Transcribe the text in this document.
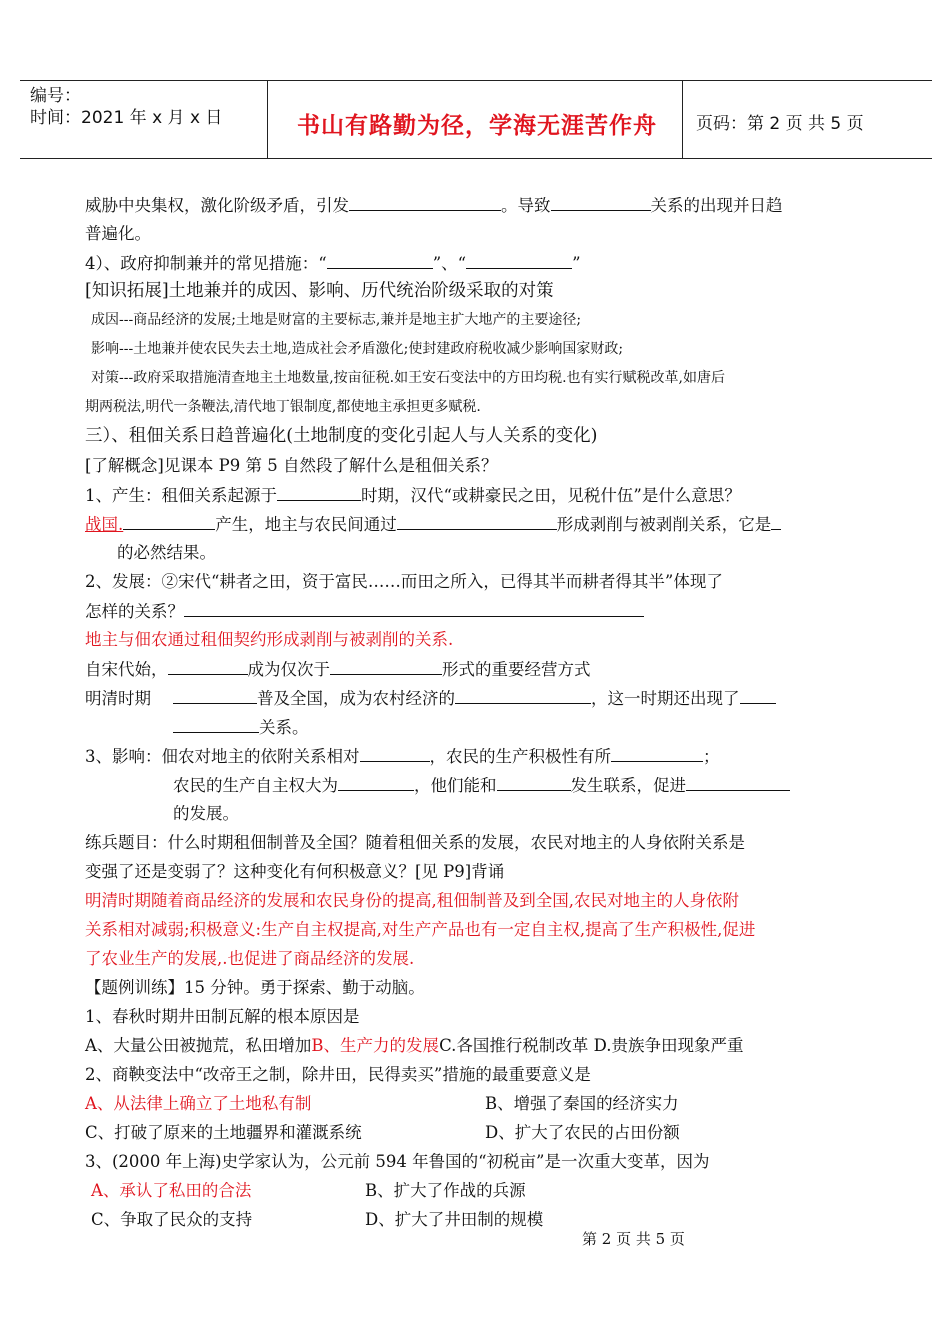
编号：
时间：2021 年 x 月 x 日	书山有路勤为径，学海无涯苦作舟	页码：第 2 页 共 5 页
威胁中央集权，激化阶级矛盾，引发	。导致	关系的出现并日趋
普遍化。
4）、政府抑制兼并的常见措施：“	”、“	”
[知识拓展]土地兼并的成因、影响、历代统治阶级采取的对策
成因---商品经济的发展;土地是财富的主要标志,兼并是地主扩大地产的主要途径;
影响---土地兼并使农民失去土地,造成社会矛盾激化;使封建政府税收减少影响国家财政;
对策---政府采取措施清查地主土地数量,按亩征税.如王安石变法中的方田均税.也有实行赋税改革,如唐后
期两税法,明代一条鞭法,清代地丁银制度,都使地主承担更多赋税.
三）、租佃关系日趋普遍化(土地制度的变化引起人与人关系的变化)
[了解概念]见课本 P9 第 5 自然段了解什么是租佃关系？
1、产生：租佃关系起源于	时期，汉代“或耕豪民之田，见税什伍”是什么意思？
战国.	产生，地主与农民间通过	形成剥削与被剥削关系，它是
的必然结果。
2、发展：②宋代“耕者之田，资于富民……而田之所入，已得其半而耕者得其半”体现了
怎样的关系？
地主与佃农通过租佃契约形成剥削与被剥削的关系.
自宋代始，	成为仅次于	形式的重要经营方式
明清时期	普及全国，成为农村经济的	，这一时期还出现了
关系。
3、影响：佃农对地主的依附关系相对	，农民的生产积极性有所	；
农民的生产自主权大为	，他们能和	发生联系，促进
的发展。
练兵题目：什么时期租佃制普及全国？随着租佃关系的发展，农民对地主的人身依附关系是
变强了还是变弱了？这种变化有何积极意义？[见 P9]背诵
明清时期随着商品经济的发展和农民身份的提高,租佃制普及到全国,农民对地主的人身依附
关系相对减弱;积极意义:生产自主权提高,对生产产品也有一定自主权,提高了生产积极性,促进
了农业生产的发展,.也促进了商品经济的发展.
【题例训练】15 分钟。勇于探索、勤于动脑。
1、春秋时期井田制瓦解的根本原因是
A、大量公田被抛荒，私田增加B、生产力的发展C.各国推行税制改革 D.贵族争田现象严重
2、商鞅变法中“改帝王之制，除井田，民得卖买”措施的最重要意义是
A、从法律上确立了土地私有制	B、增强了秦国的经济实力
C、打破了原来的土地疆界和灌溉系统	D、扩大了农民的占田份额
3、(2000 年上海)史学家认为，公元前 594 年鲁国的“初税亩”是一次重大变革，因为
A、承认了私田的合法	B、扩大了作战的兵源
C、争取了民众的支持	D、扩大了井田制的规模
第 2 页 共 5 页
